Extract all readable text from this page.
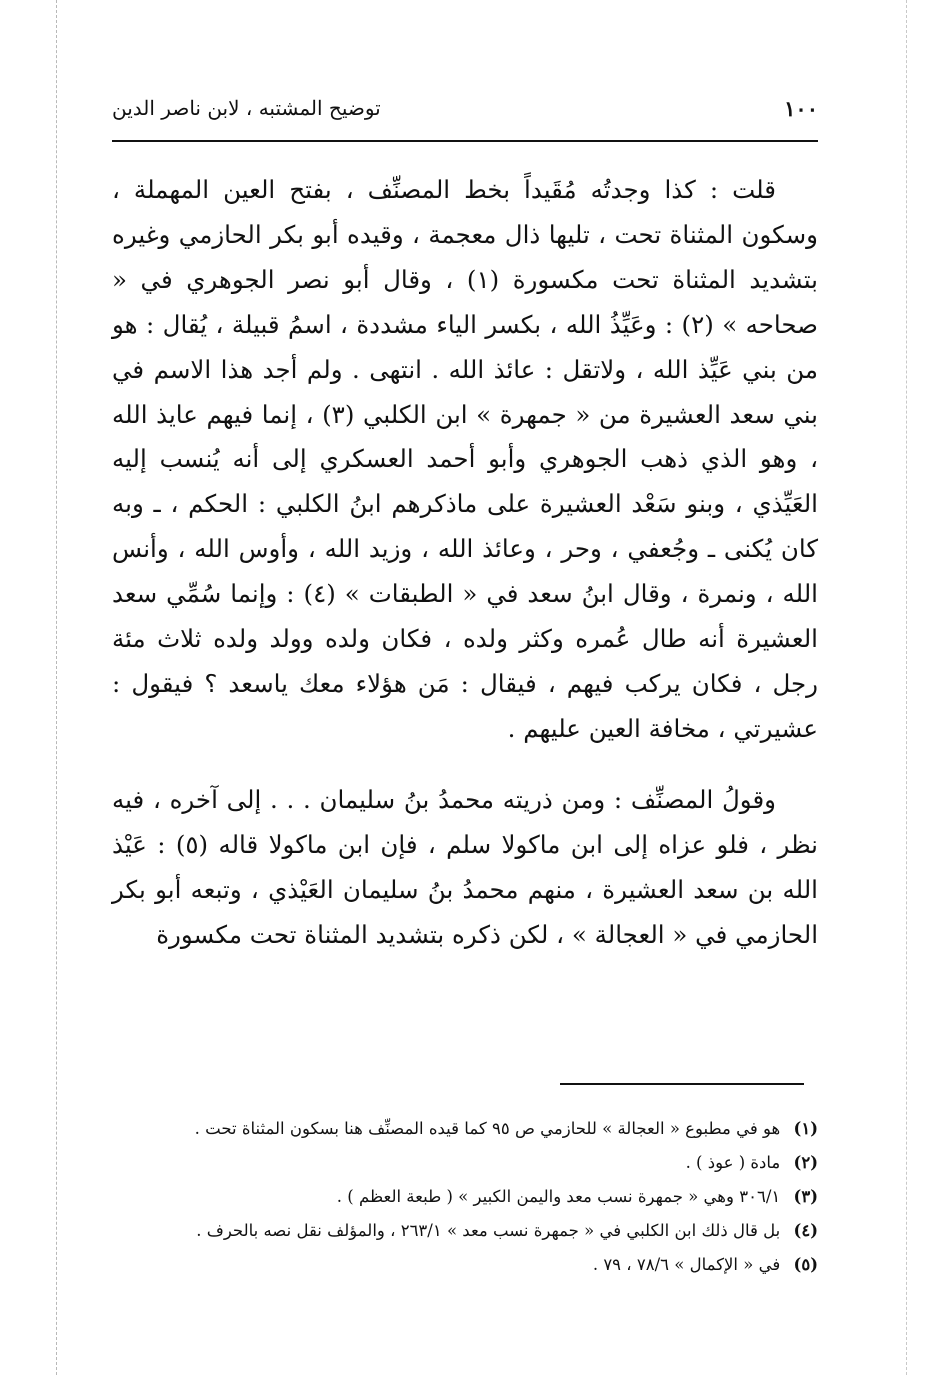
١٠٠
توضيح المشتبه ، لابن ناصر الدين

قلت : كذا وجدتُه مُقَيداً بخط المصنِّف ، بفتح العين المهملة ، وسكون المثناة تحت ، تليها ذال معجمة ، وقيده أبو بكر الحازمي وغيره بتشديد المثناة تحت مكسورة (١) ، وقال أبو نصر الجوهري في « صحاحه » (٢) : وعَيِّذُ الله ، بكسر الياء مشددة ، اسمُ قبيلة ، يُقال : هو من بني عَيِّذ الله ، ولاتقل : عائذ الله . انتهى . ولم أجد هذا الاسم في بني سعد العشيرة من « جمهرة » ابن الكلبي (٣) ، إنما فيهم عايذ الله ، وهو الذي ذهب الجوهري وأبو أحمد العسكري إلى أنه يُنسب إليه العَيِّذي ، وبنو سَعْد العشيرة على ماذكرهم ابنُ الكلبي : الحكم ، ـ وبه كان يُكنى ـ وجُعفي ، وحر ، وعائذ الله ، وزيد الله ، وأوس الله ، وأنس الله ، ونمرة ، وقال ابنُ سعد في « الطبقات » (٤) : وإنما سُمِّي سعد العشيرة أنه طال عُمره وكثر ولده ، فكان ولده وولد ولده ثلاث مئة رجل ، فكان يركب فيهم ، فيقال : مَن هؤلاء معك ياسعد ؟ فيقول : عشيرتي ، مخافة العين عليهم .

وقولُ المصنِّف : ومن ذريته محمدُ بنُ سليمان . . . إلى آخره ، فيه نظر ، فلو عزاه إلى ابن ماكولا سلم ، فإن ابن ماكولا قاله (٥) : عَيْذ الله بن سعد العشيرة ، منهم محمدُ بنُ سليمان العَيْذي ، وتبعه أبو بكر الحازمي في « العجالة » ، لكن ذكره بتشديد المثناة تحت مكسورة

(١) هو في مطبوع « العجالة » للحازمي ص ٩٥ كما قيده المصنِّف هنا بسكون المثناة تحت .
(٢) مادة ( عوذ ) .
(٣) ٣٠٦/١ وهي « جمهرة نسب معد واليمن الكبير » ( طبعة العظم ) .
(٤) بل قال ذلك ابن الكلبي في « جمهرة نسب معد » ٢٦٣/١ ، والمؤلف نقل نصه بالحرف .
(٥) في « الإكمال » ٧٨/٦ ، ٧٩ .
